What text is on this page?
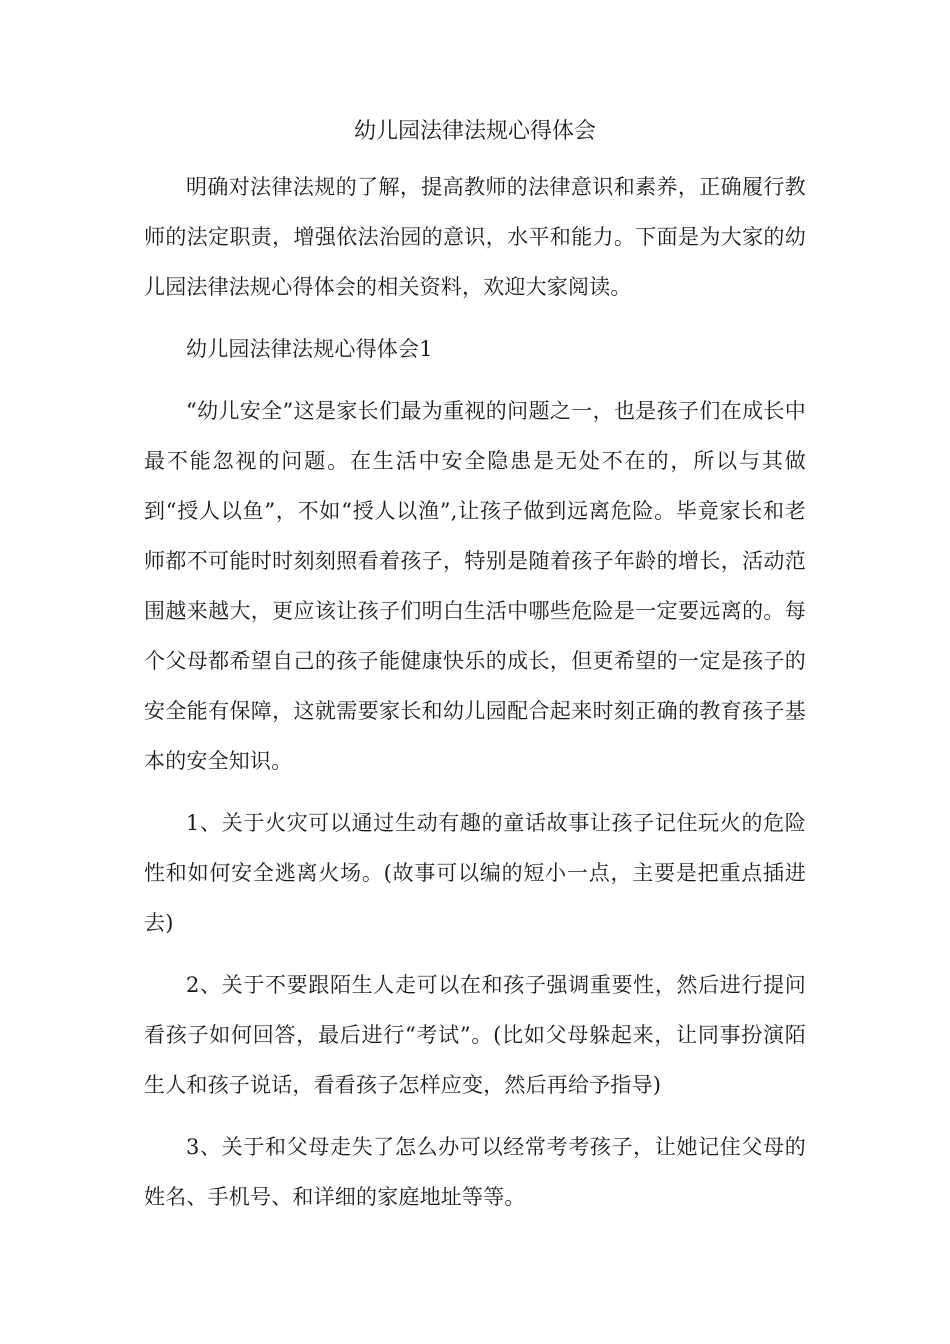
幼儿园法律法规心得体会

明确对法律法规的了解，提高教师的法律意识和素养，正确履行教师的法定职责，增强依法治园的意识，水平和能力。下面是为大家的幼儿园法律法规心得体会的相关资料，欢迎大家阅读。

幼儿园法律法规心得体会1

“幼儿安全”这是家长们最为重视的问题之一，也是孩子们在成长中最不能忽视的问题。在生活中安全隐患是无处不在的，所以与其做到“授人以鱼”，不如“授人以渔”,让孩子做到远离危险。毕竟家长和老师都不可能时时刻刻照看着孩子，特别是随着孩子年龄的增长，活动范围越来越大，更应该让孩子们明白生活中哪些危险是一定要远离的。每个父母都希望自己的孩子能健康快乐的成长，但更希望的一定是孩子的安全能有保障，这就需要家长和幼儿园配合起来时刻正确的教育孩子基本的安全知识。

1、关于火灾可以通过生动有趣的童话故事让孩子记住玩火的危险性和如何安全逃离火场。(故事可以编的短小一点，主要是把重点插进去)

2、关于不要跟陌生人走可以在和孩子强调重要性，然后进行提问看孩子如何回答，最后进行“考试”。(比如父母躲起来，让同事扮演陌生人和孩子说话，看看孩子怎样应变，然后再给予指导)

3、关于和父母走失了怎么办可以经常考考孩子，让她记住父母的姓名、手机号、和详细的家庭地址等等。
